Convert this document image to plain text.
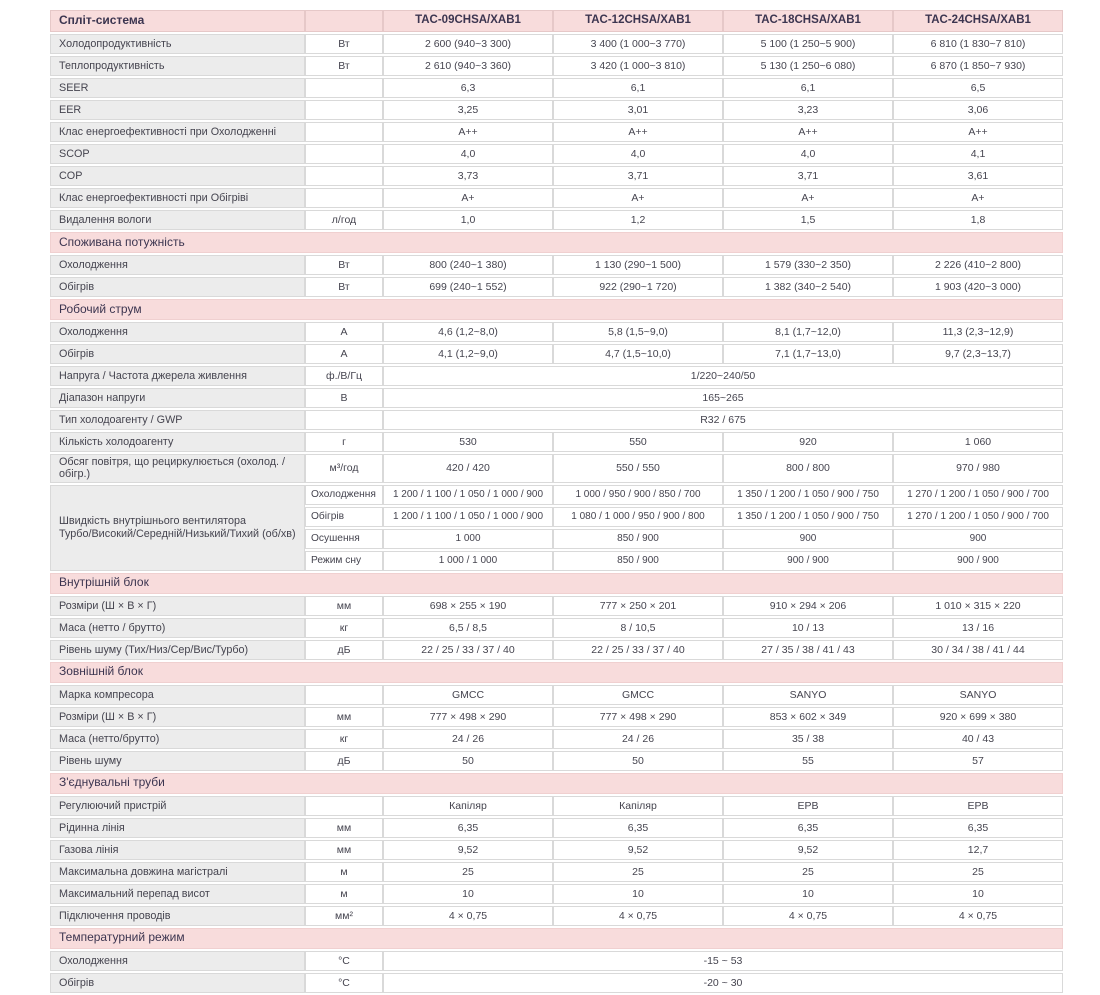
Спліт-система		TAC-09CHSA/XAB1	TAC-12CHSA/XAB1	TAC-18CHSA/XAB1	TAC-24CHSA/XAB1
Холодопродуктивність	Вт	2 600 (940~3 300)	3 400 (1 000~3 770)	5 100 (1 250~5 900)	6 810 (1 830~7 810)
Теплопродуктивність	Вт	2 610 (940~3 360)	3 420 (1 000~3 810)	5 130 (1 250~6 080)	6 870 (1 850~7 930)
SEER		6,3	6,1	6,1	6,5
EER		3,25	3,01	3,23	3,06
Клас енергоефективності при Охолодженні		А++	А++	А++	А++
SCOP		4,0	4,0	4,0	4,1
COP		3,73	3,71	3,71	3,61
Клас енергоефективності при Обігріві		А+	А+	А+	А+
Видалення вологи	л/год	1,0	1,2	1,5	1,8
Споживана потужність					
Охолодження	Вт	800 (240~1 380)	1 130 (290~1 500)	1 579 (330~2 350)	2 226 (410~2 800)
Обігрів	Вт	699 (240~1 552)	922 (290~1 720)	1 382 (340~2 540)	1 903 (420~3 000)
Робочий струм					
Охолодження	А	4,6 (1,2~8,0)	5,8 (1,5~9,0)	8,1 (1,7~12,0)	11,3 (2,3~12,9)
Обігрів	А	4,1 (1,2~9,0)	4,7 (1,5~10,0)	7,1 (1,7~13,0)	9,7 (2,3~13,7)
Напруга / Частота джерела живлення	ф./В/Гц	1/220~240/50			
Діапазон напруги	В	165~265			
Тип холодоагенту / GWP		R32 / 675			
Кількість холодоагенту	г	530	550	920	1 060
Обсяг повітря, що рециркулюється (охолод. / обігр.)	м³/год	420 / 420	550 / 550	800 / 800	970 / 980

Швидкість внутрішнього вентилятора
Турбо/Високий/Середній/Низький/Тихий (об/хв)	Охолодження	1 200 / 1 100 / 1 050 / 1 000 / 900	1 000 / 950 / 900 / 850 / 700	1 350 / 1 200 / 1 050 / 900 / 750	1 270 / 1 200 / 1 050 / 900 / 700
	Обігрів	1 200 / 1 100 / 1 050 / 1 000 / 900	1 080 / 1 000 / 950 / 900 / 800	1 350 / 1 200 / 1 050 / 900 / 750	1 270 / 1 200 / 1 050 / 900 / 700
	Осушення	1 000	850 / 900	900	900
	Режим сну	1 000 / 1 000	850 / 900	900 / 900	900 / 900
Внутрішній блок					
Розміри (Ш × В × Г)	мм	698 × 255 × 190	777 × 250 × 201	910 × 294 × 206	1 010 × 315 × 220
Маса (нетто / брутто)	кг	6,5 / 8,5	8 / 10,5	10 / 13	13 / 16
Рівень шуму (Тих/Низ/Сер/Вис/Турбо)	дБ	22 / 25 / 33 / 37 / 40	22 / 25 / 33 / 37 / 40	27 / 35 / 38 / 41 / 43	30 / 34 / 38 / 41 / 44
Зовнішній блок					
Марка компресора		GMCC	GMCC	SANYO	SANYO
Розміри (Ш × В × Г)	мм	777 × 498 × 290	777 × 498 × 290	853 × 602 × 349	920 × 699 × 380
Маса (нетто/брутто)	кг	24 / 26	24 / 26	35 / 38	40 / 43
Рівень шуму	дБ	50	50	55	57
З'єднувальні труби					
Регулюючий пристрій		Капіляр	Капіляр	EPB	EPB
Рідинна лінія	мм	6,35	6,35	6,35	6,35
Газова лінія	мм	9,52	9,52	9,52	12,7
Максимальна довжина магістралі	м	25	25	25	25
Максимальний перепад висот	м	10	10	10	10
Підключення проводів	мм²	4 × 0,75	4 × 0,75	4 × 0,75	4 × 0,75
Температурний режим					
Охолодження	°С	-15 ~ 53			
Обігрів	°С	-20 ~ 30			
